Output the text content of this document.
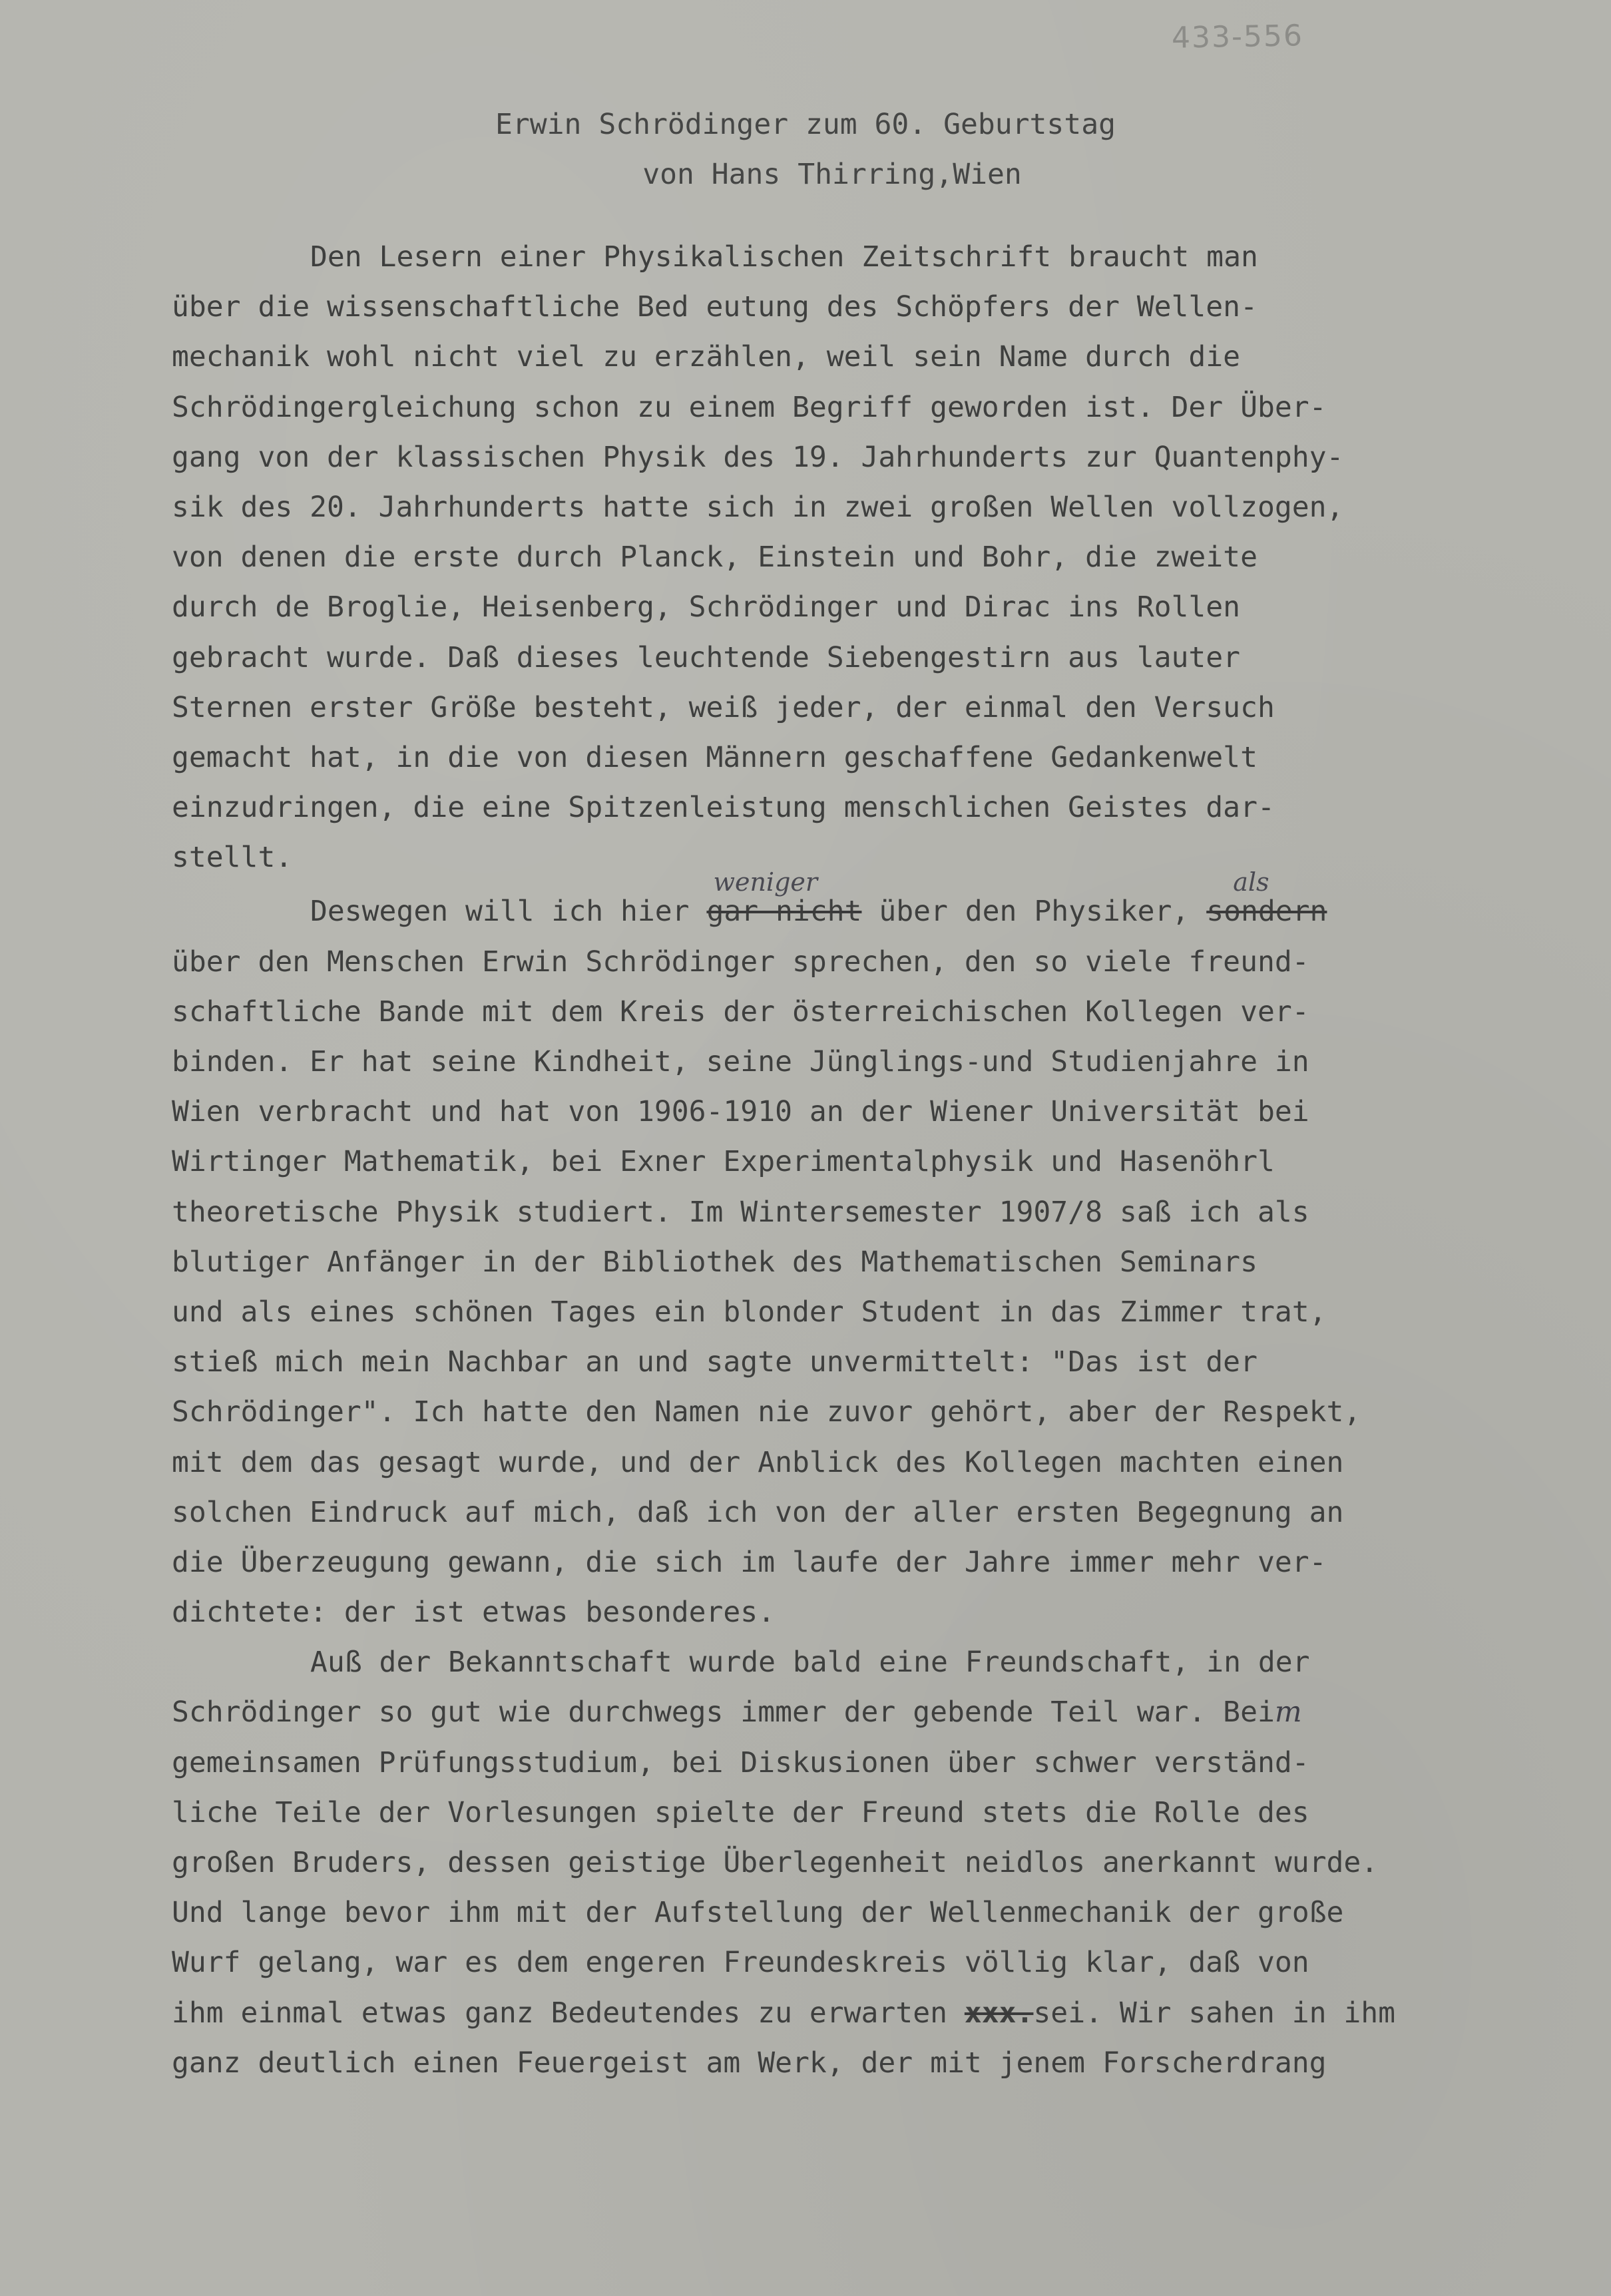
433-556
Erwin Schrödinger zum 60. Geburtstag
von Hans Thirring,Wien
Den Lesern einer Physikalischen Zeitschrift braucht man
über die wissenschaftliche Bed eutung des Schöpfers der Wellen-
mechanik wohl nicht viel zu erzählen, weil sein Name durch die
Schrödingergleichung schon zu einem Begriff geworden ist. Der Über-
gang von der klassischen Physik des 19. Jahrhunderts zur Quantenphy-
sik des 20. Jahrhunderts hatte sich in zwei großen Wellen vollzogen,
von denen die erste durch Planck, Einstein und Bohr, die zweite
durch de Broglie, Heisenberg, Schrödinger und Dirac ins Rollen
gebracht wurde. Daß dieses leuchtende Siebengestirn aus lauter
Sternen erster Größe besteht, weiß jeder, der einmal den Versuch
gemacht hat, in die von diesen Männern geschaffene Gedankenwelt
einzudringen, die eine Spitzenleistung menschlichen Geistes dar-
stellt.
Deswegen will ich hier
weniger
gar nicht über den Physiker,
als
sondern
über den Menschen Erwin Schrödinger sprechen, den so viele freund-
schaftliche Bande mit dem Kreis der österreichischen Kollegen ver-
binden. Er hat seine Kindheit, seine Jünglings-und Studienjahre in
Wien verbracht und hat von 1906-1910 an der Wiener Universität bei
Wirtinger Mathematik, bei Exner Experimentalphysik und Hasenöhrl
theoretische Physik studiert. Im Wintersemester 1907/8 saß ich als
blutiger Anfänger in der Bibliothek des Mathematischen Seminars
und als eines schönen Tages ein blonder Student in das Zimmer trat,
stieß mich mein Nachbar an und sagte unvermittelt: "Das ist der
Schrödinger". Ich hatte den Namen nie zuvor gehört, aber der Respekt,
mit dem das gesagt wurde, und der Anblick des Kollegen machten einen
solchen Eindruck auf mich, daß ich von der aller ersten Begegnung an
die Überzeugung gewann, die sich im laufe der Jahre immer mehr ver-
dichtete: der ist etwas besonderes.
Auß der Bekanntschaft wurde bald eine Freundschaft, in der
Schrödinger so gut wie durchwegs immer der gebende Teil war. Beim
gemeinsamen Prüfungsstudium, bei Diskusionen über schwer verständ-
liche Teile der Vorlesungen spielte der Freund stets die Rolle des
großen Bruders, dessen geistige Überlegenheit neidlos anerkannt wurde.
Und lange bevor ihm mit der Aufstellung der Wellenmechanik der große
Wurf gelang, war es dem engeren Freundeskreis völlig klar, daß von
ihm einmal etwas ganz Bedeutendes zu erwarten xxx.sei. Wir sahen in ihm
ganz deutlich einen Feuergeist am Werk, der mit jenem Forscherdrang
